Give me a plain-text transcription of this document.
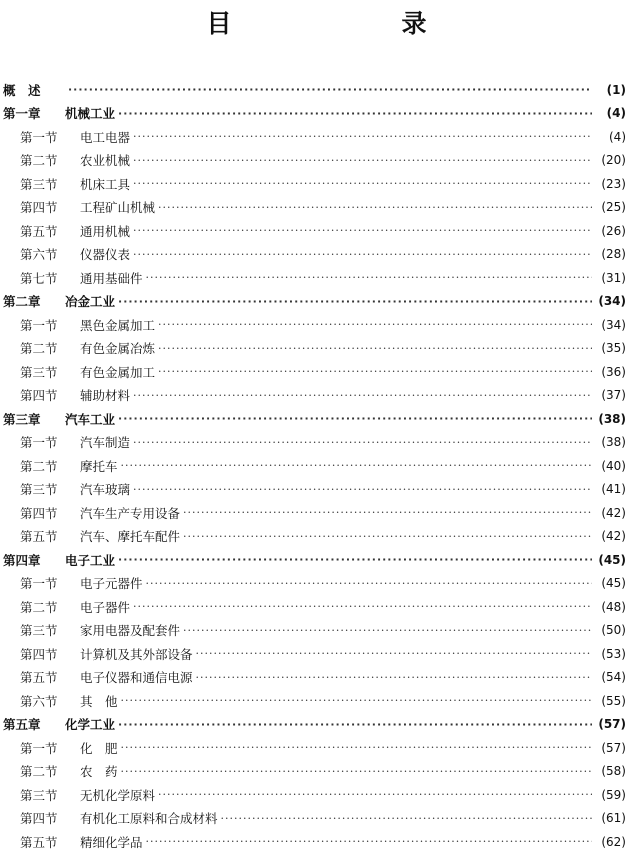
目　　录
概　述 ·····	(1)
第一章	机械工业 ·····	(4)
第一节	电工电器 ·····	(4)
第二节	农业机械 ·····	(20)
第三节	机床工具 ·····	(23)
第四节	工程矿山机械 ·····	(25)
第五节	通用机械 ·····	(26)
第六节	仪器仪表 ·····	(28)
第七节	通用基础件 ·····	(31)
第二章	冶金工业 ·····	(34)
第一节	黑色金属加工 ·····	(34)
第二节	有色金属冶炼 ·····	(35)
第三节	有色金属加工 ·····	(36)
第四节	辅助材料 ·····	(37)
第三章	汽车工业 ·····	(38)
第一节	汽车制造 ·····	(38)
第二节	摩托车 ·····	(40)
第三节	汽车玻璃 ·····	(41)
第四节	汽车生产专用设备 ·····	(42)
第五节	汽车、摩托车配件 ·····	(42)
第四章	电子工业 ·····	(45)
第一节	电子元器件 ·····	(45)
第二节	电子器件 ·····	(48)
第三节	家用电器及配套件 ·····	(50)
第四节	计算机及其外部设备 ·····	(53)
第五节	电子仪器和通信电源 ·····	(54)
第六节	其　他 ·····	(55)
第五章	化学工业 ·····	(57)
第一节	化　肥 ·····	(57)
第二节	农　药 ·····	(58)
第三节	无机化学原料 ·····	(59)
第四节	有机化工原料和合成材料 ·····	(61)
第五节	精细化学品 ·····	(62)
